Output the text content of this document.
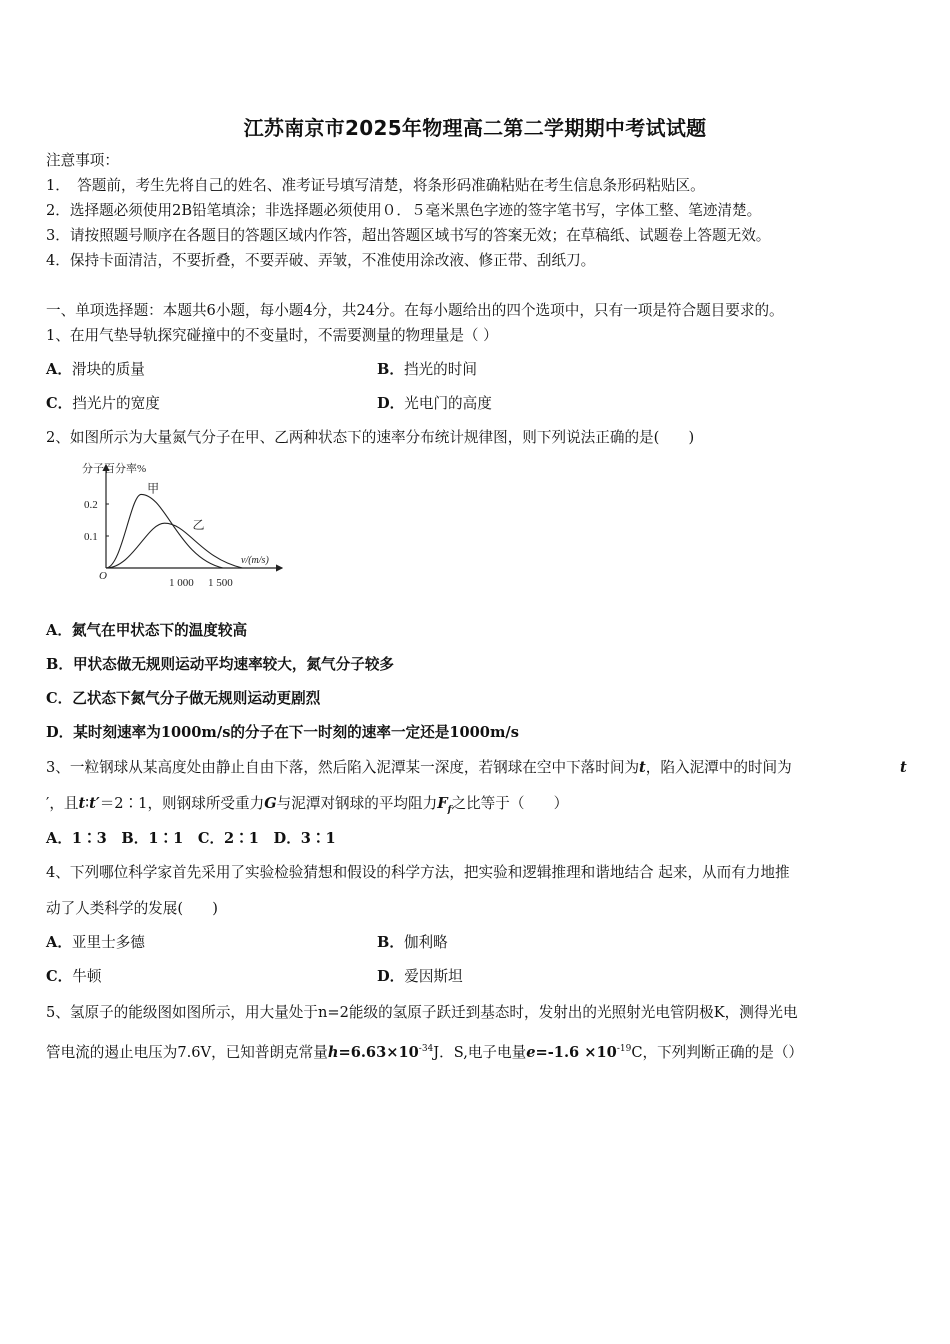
江苏南京市2025年物理高二第二学期期中考试试题
注意事项：
1．　答题前，考生先将自己的姓名、准考证号填写清楚，将条形码准确粘贴在考生信息条形码粘贴区。
2．选择题必须使用2B铅笔填涂；非选择题必须使用０．５毫米黑色字迹的签字笔书写，字体工整、笔迹清楚。
3．请按照题号顺序在各题目的答题区域内作答，超出答题区域书写的答案无效；在草稿纸、试题卷上答题无效。
4．保持卡面清洁，不要折叠，不要弄破、弄皱，不准使用涂改液、修正带、刮纸刀。
一、单项选择题：本题共6小题，每小题4分，共24分。在每小题给出的四个选项中，只有一项是符合题目要求的。
1、在用气垫导轨探究碰撞中的不变量时，不需要测量的物理量是（ ）
A．滑块的质量	B．挡光的时间
C．挡光片的宽度	D．光电门的高度
2、如图所示为大量氮气分子在甲、乙两种状态下的速率分布统计规律图，则下列说法正确的是(　　)
分子百分率%
v/(m/s)
O
0.1
0.2
1 000 1 500
甲
乙
A．氮气在甲状态下的温度较高
B．甲状态做无规则运动平均速率较大，氮气分子较多
C．乙状态下氮气分子做无规则运动更剧烈
D．某时刻速率为1000m/s的分子在下一时刻的速率一定还是1000m/s
3、一粒钢球从某高度处由静止自由下落，然后陷入泥潭某一深度，若钢球在空中下落时间为t，陷入泥潭中的时间为	t
′，且t∶t′＝2∶1，则钢球所受重力G与泥潭对钢球的平均阻力$F_f$之比等于（　　）
A．1∶3　B．1∶1　C．2∶1　D．3∶1
4、下列哪位科学家首先采用了实验检验猜想和假设的科学方法，把实验和逻辑推理和谐地结合 起来，从而有力地推
动了人类科学的发展(　　)
A．亚里士多德	B．伽利略
C．牛顿	D．爱因斯坦
5、氢原子的能级图如图所示，用大量处于n=2能级的氢原子跃迁到基态时，发射出的光照射光电管阴极K，测得光电
管电流的遏止电压为7.6V，已知普朗克常量$h=6.63\times 10^{-34}J$．S,电子电量$e=-1.6 \times 10^{-19}C$，下列判断正确的是（）
